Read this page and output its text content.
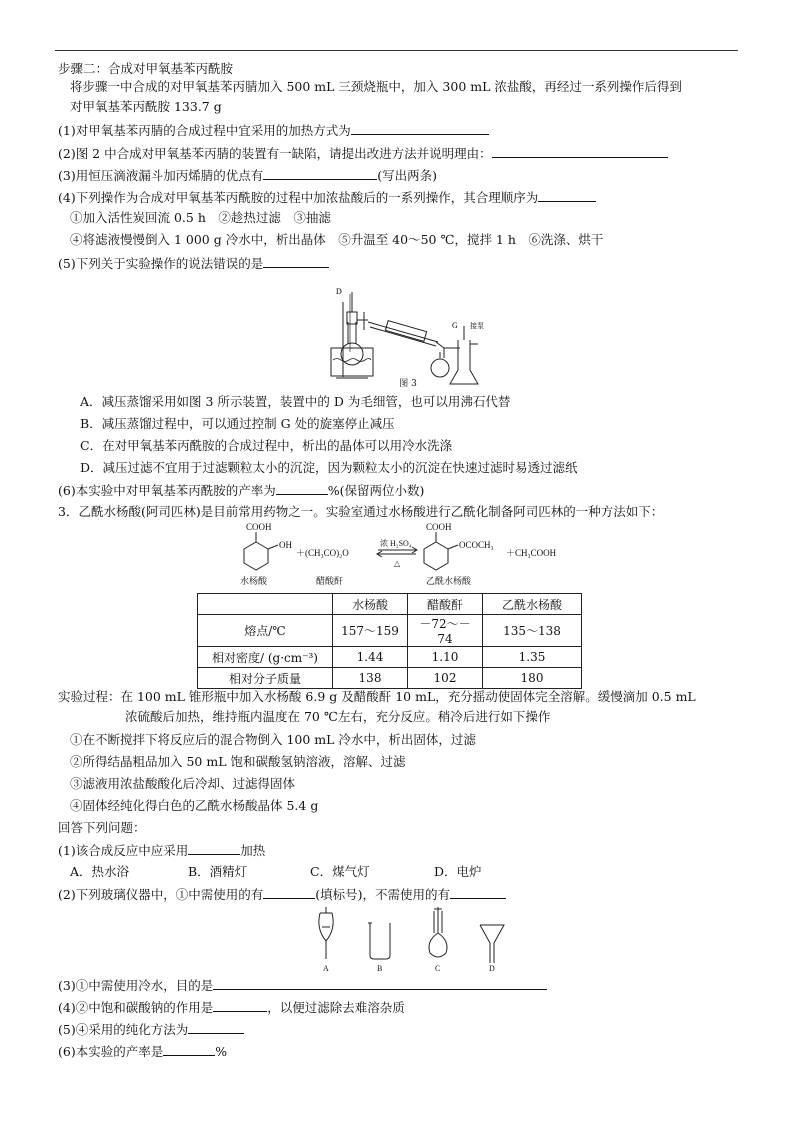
步骤二：合成对甲氧基苯丙酰胺
将步骤一中合成的对甲氧基苯丙腈加入 500 mL 三颈烧瓶中，加入 300 mL 浓盐酸，再经过一系列操作后得到
对甲氧基苯丙酰胺 133.7 g
(1)对甲氧基苯丙腈的合成过程中宜采用的加热方式为
(2)图 2 中合成对甲氧基苯丙腈的装置有一缺陷，请提出改进方法并说明理由：
(3)用恒压滴液漏斗加丙烯腈的优点有	(写出两条)
(4)下列操作为合成对甲氧基苯丙酰胺的过程中加浓盐酸后的一系列操作，其合理顺序为
①加入活性炭回流 0.5 h　②趁热过滤　③抽滤
④将滤液慢慢倒入 1 000 g 冷水中，析出晶体　⑤升温至 40～50 ℃，搅拌 1 h　⑥洗涤、烘干
(5)下列关于实验操作的说法错误的是
D
G 接泵
图 3
A．减压蒸馏采用如图 3 所示装置，装置中的 D 为毛细管，也可以用沸石代替
B．减压蒸馏过程中，可以通过控制 G 处的旋塞停止减压
C．在对甲氧基苯丙酰胺的合成过程中，析出的晶体可以用冷水洗涤
D．减压过滤不宜用于过滤颗粒太小的沉淀，因为颗粒太小的沉淀在快速过滤时易透过滤纸
(6)本实验中对甲氧基苯丙酰胺的产率为	%(保留两位小数)
3．乙酰水杨酸(阿司匹林)是目前常用药物之一。实验室通过水杨酸进行乙酰化制备阿司匹林的一种方法如下：
COOH
OH
＋(CH₃CO)₂O
浓 H₂SO₄
△
COOH
OCOCH₃
＋CH₃COOH
水杨酸	醋酸酐	乙酰水杨酸
	水杨酸	醋酸酐	乙酰水杨酸
熔点/℃	157～159	－72～－74	135～138
相对密度/ (g·cm⁻³)	1.44	1.10	1.35
相对分子质量	138	102	180
实验过程：在 100 mL 锥形瓶中加入水杨酸 6.9 g 及醋酸酐 10 mL，充分摇动使固体完全溶解。缓慢滴加 0.5 mL
浓硫酸后加热，维持瓶内温度在 70 ℃左右，充分反应。稍冷后进行如下操作
①在不断搅拌下将反应后的混合物倒入 100 mL 冷水中，析出固体，过滤
②所得结晶粗品加入 50 mL 饱和碳酸氢钠溶液，溶解、过滤
③滤液用浓盐酸酸化后冷却、过滤得固体
④固体经纯化得白色的乙酰水杨酸晶体 5.4 g
回答下列问题：
(1)该合成反应中应采用	加热
A．热水浴	B．酒精灯	C．煤气灯	D．电炉
(2)下列玻璃仪器中，①中需使用的有	(填标号)，不需使用的有
A	B	C	D
(3)①中需使用冷水，目的是
(4)②中饱和碳酸钠的作用是	，以便过滤除去难溶杂质
(5)④采用的纯化方法为
(6)本实验的产率是	%
